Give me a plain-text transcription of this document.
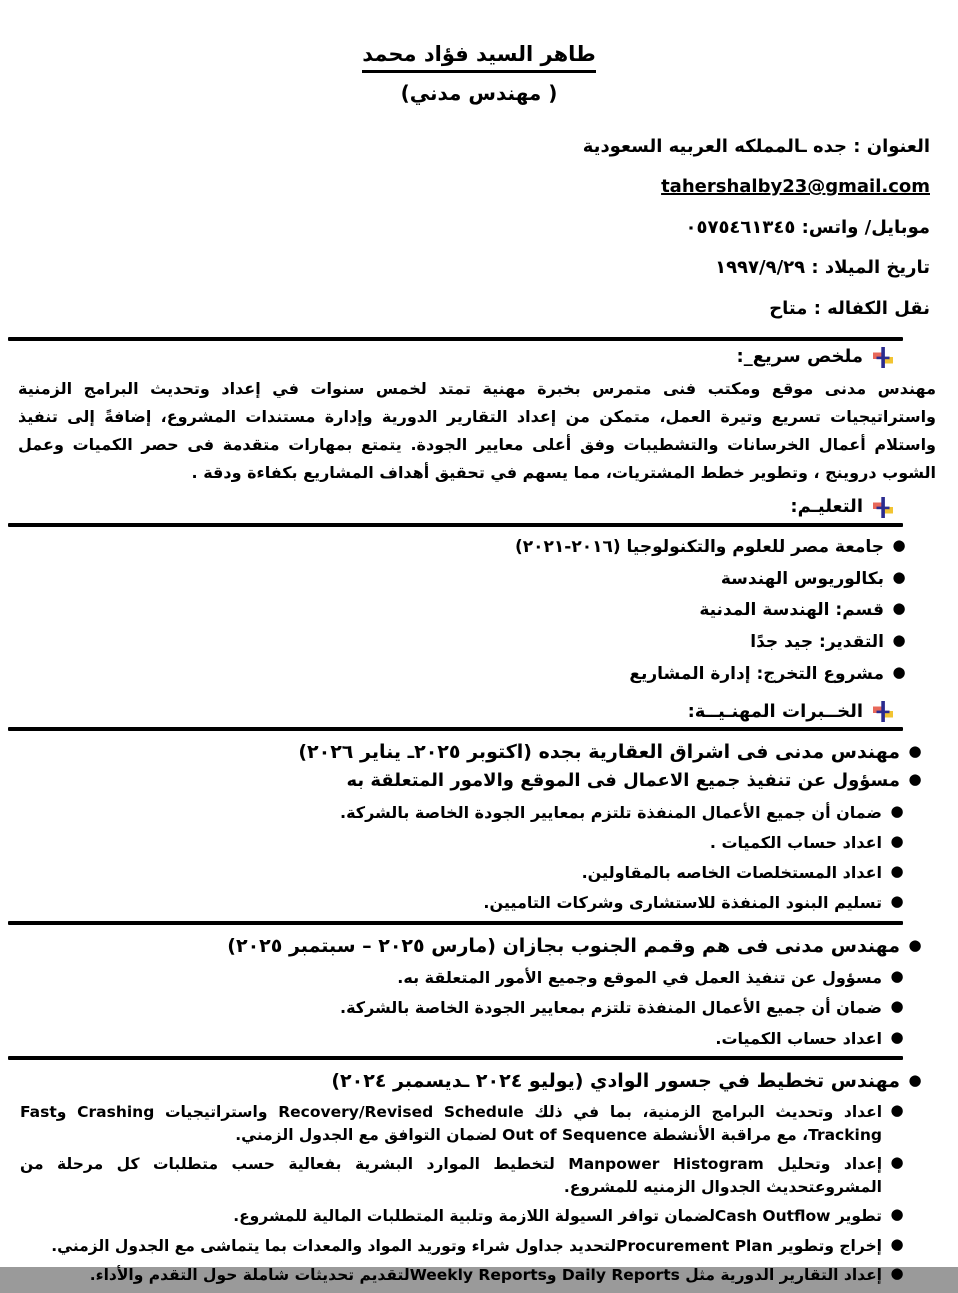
طاهر السيد فؤاد محمد
( مهندس مدني)
العنوان : جده ـالمملكه العربيه السعودية
tahershalby23@gmail.com
موبايل/ واتس: ٠٥٧٥٤٦١٣٤٥
تاريخ الميلاد : ١٩٩٧/٩/٢٩
نقل الكفاله : متاح
ملخص سريع_:
مهندس مدنى موقع ومكتب فنى متمرس بخبرة مهنية تمتد لخمس سنوات في إعداد وتحديث البرامج الزمنية واستراتيجيات تسريع وتيرة العمل، متمكن من إعداد التقارير الدورية وإدارة مستندات المشروع، إضافةً إلى تنفيذ واستلام أعمال الخرسانات والتشطيبات وفق أعلى معايير الجودة. يتمتع بمهارات متقدمة فى حصر الكميات وعمل الشوب دروينج ، وتطوير خطط المشتريات، مما يسهم في تحقيق أهداف المشاريع بكفاءة ودقة .
التعليـم:
●
جامعة مصر للعلوم والتكنولوجيا (٢٠١٦-٢٠٢١)
●
بكالوريوس الهندسة
●
قسم: الهندسة المدنية
●
التقدير: جيد جدًا
●
مشروع التخرج: إدارة المشاريع
الخــبرات المهنـيــة:
●
مهندس مدنى فى اشراق العقارية بجده (اكتوبر ٢٠٢٥ـ يناير ٢٠٢٦)
●
مسؤول عن تنفيذ جميع الاعمال فى الموقع والامور المتعلقة به
●
ضمان أن جميع الأعمال المنفذة تلتزم بمعايير الجودة الخاصة بالشركة.
●
اعداد حساب الكميات .
●
اعداد المستخلصات الخاصه بالمقاولين.
●
تسليم البنود المنفذة للاستشارى وشركات التاميين.
●
مهندس مدنى فى هم وقمم الجنوب بجازان (مارس ٢٠٢٥ – سبتمبر ٢٠٢٥)
●
مسؤول عن تنفيذ العمل في الموقع وجميع الأمور المتعلقة به.
●
ضمان أن جميع الأعمال المنفذة تلتزم بمعايير الجودة الخاصة بالشركة.
●
اعداد حساب الكميات.
●
مهندس تخطيط في جسور الوادي (يوليو ٢٠٢٤ ـديسمبر ٢٠٢٤)
●
اعداد وتحديث البرامج الزمنية، بما في ذلك Recovery/Revised Schedule واستراتيجيات Crashing وFast Tracking، مع مراقبة الأنشطة Out of Sequence لضمان التوافق مع الجدول الزمني.
●
إعداد وتحليل Manpower Histogram لتخطيط الموارد البشرية بفعالية حسب متطلبات كل مرحلة من المشروعتحديث الجدوال الزمنيه للمشروع.
●
تطوير Cash Outflowلضمان توافر السيولة اللازمة وتلبية المتطلبات المالية للمشروع.
●
إخراج وتطوير Procurement Planلتحديد جداول شراء وتوريد المواد والمعدات بما يتماشى مع الجدول الزمني.
●
إعداد التقارير الدورية مثل Daily Reports وWeekly Reportsلتقديم تحديثات شاملة حول التقدم والأداء.
